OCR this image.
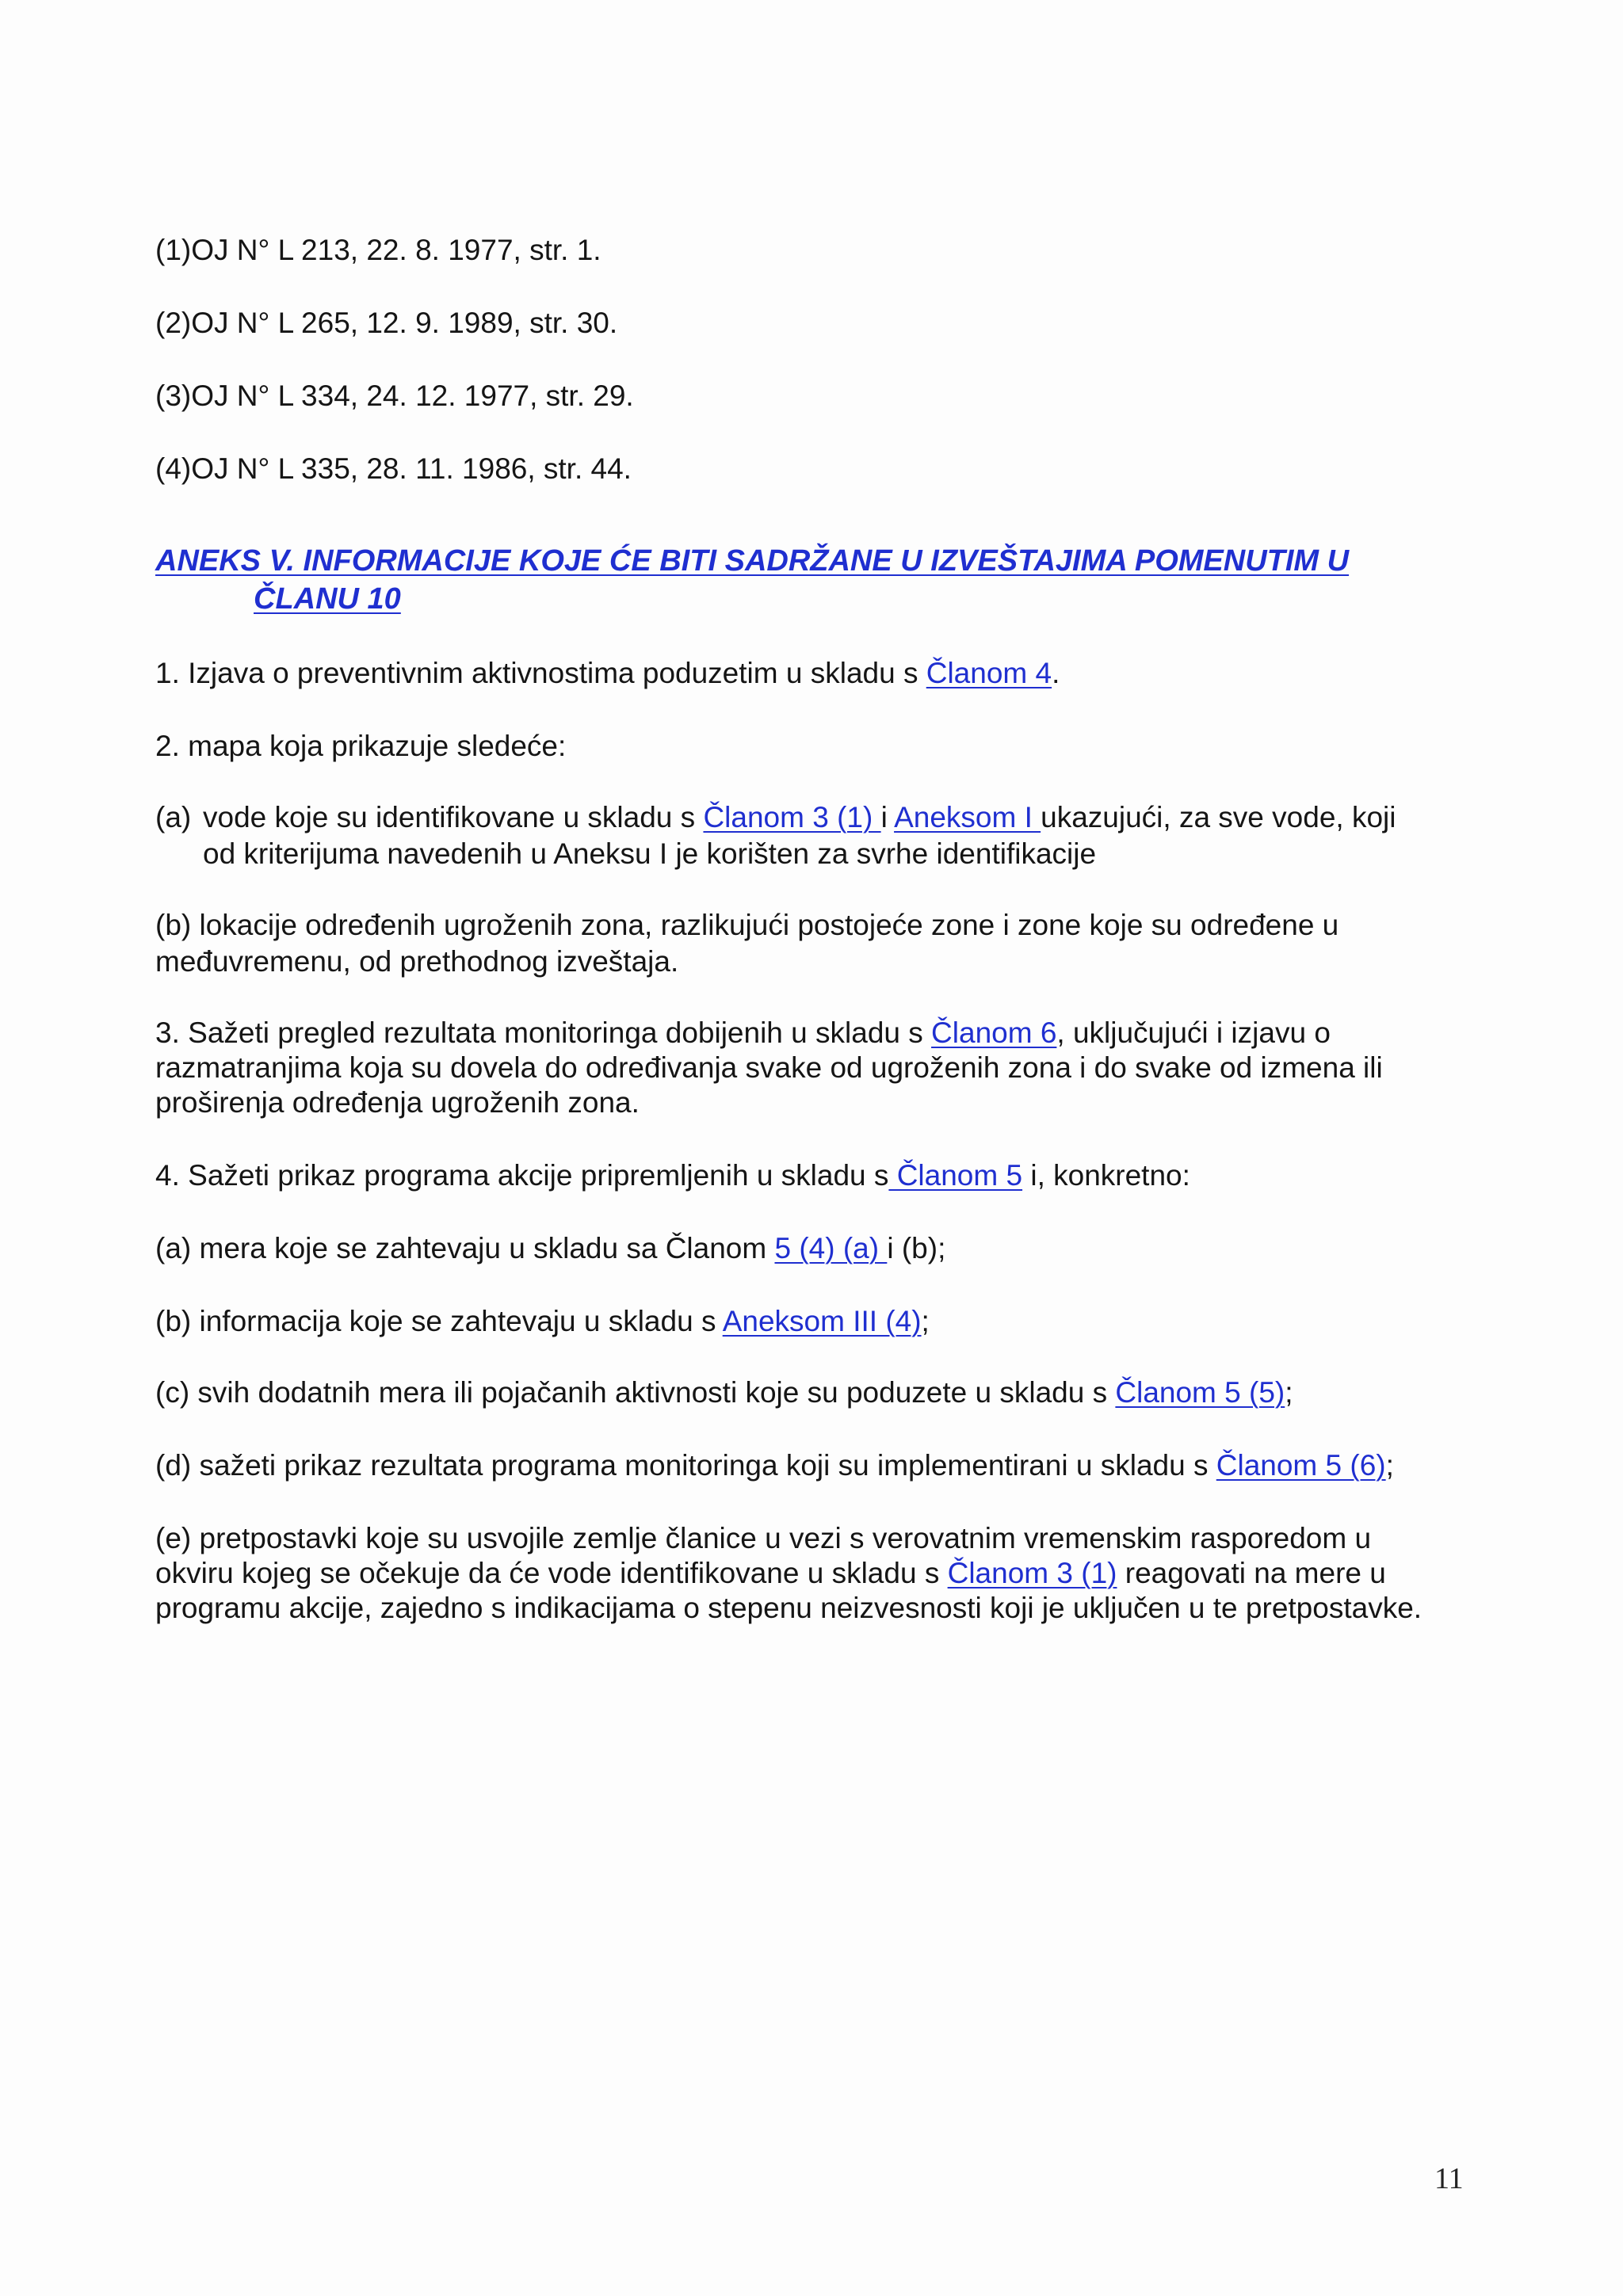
(1)OJ N° L 213, 22. 8. 1977, str. 1.
(2)OJ N° L 265, 12. 9. 1989, str. 30.
(3)OJ N° L 334, 24. 12. 1977, str. 29.
(4)OJ N° L 335, 28. 11. 1986, str. 44.
ANEKS V. INFORMACIJE KOJE ĆE BITI SADRŽANE U IZVEŠTAJIMA POMENUTIM U
ČLANU 10
1. Izjava o preventivnim aktivnostima poduzetim u skladu s Članom 4.
2. mapa koja prikazuje sledeće:
(a) vode koje su identifikovane u skladu s Članom 3 (1) i Aneksom I ukazujući, za sve vode, koji
od kriterijuma navedenih u Aneksu I je korišten za svrhe identifikacije
(b) lokacije određenih ugroženih zona, razlikujući postojeće zone i zone koje su određene u
međuvremenu, od prethodnog izveštaja.
3. Sažeti pregled rezultata monitoringa dobijenih u skladu s Članom 6, uključujući i izjavu o
razmatranjima koja su dovela do određivanja svake od ugroženih zona i do svake od izmena ili
proširenja određenja ugroženih zona.
4. Sažeti prikaz programa akcije pripremljenih u skladu s Članom 5 i, konkretno:
(a) mera koje se zahtevaju u skladu sa Članom 5 (4) (a) i (b);
(b) informacija koje se zahtevaju u skladu s Aneksom III (4);
(c) svih dodatnih mera ili pojačanih aktivnosti koje su poduzete u skladu s Članom 5 (5);
(d) sažeti prikaz rezultata programa monitoringa koji su implementirani u skladu s Članom 5 (6);
(e) pretpostavki koje su usvojile zemlje članice u vezi s verovatnim vremenskim rasporedom u
okviru kojeg se očekuje da će vode identifikovane u skladu s Članom 3 (1) reagovati na mere u
programu akcije, zajedno s indikacijama o stepenu neizvesnosti koji je uključen u te pretpostavke.
11
